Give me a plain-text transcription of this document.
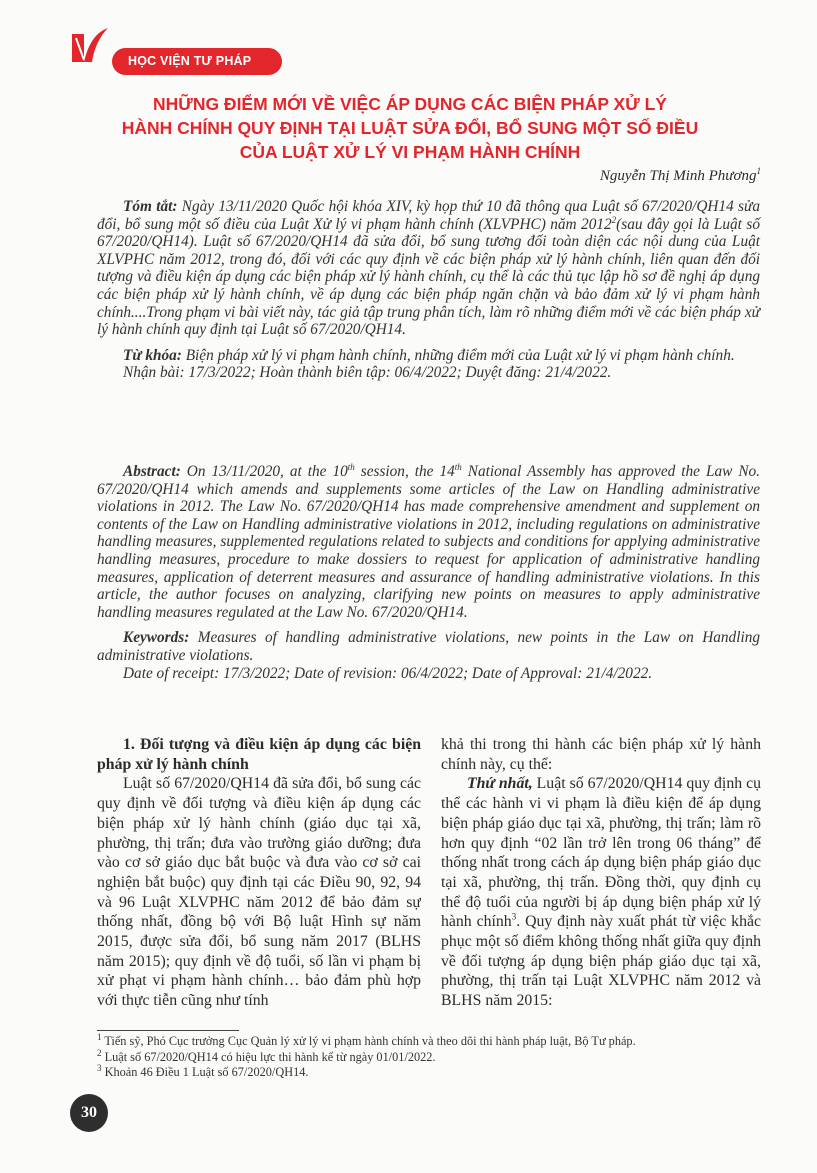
HỌC VIỆN TƯ PHÁP
NHỮNG ĐIỂM MỚI VỀ VIỆC ÁP DỤNG CÁC BIỆN PHÁP XỬ LÝ
HÀNH CHÍNH QUY ĐỊNH TẠI LUẬT SỬA ĐỔI, BỔ SUNG MỘT SỐ ĐIỀU
CỦA LUẬT XỬ LÝ VI PHẠM HÀNH CHÍNH
Nguyễn Thị Minh Phương$^1$

Tóm tắt: Ngày 13/11/2020 Quốc hội khóa XIV, kỳ họp thứ 10 đã thông qua Luật số 67/2020/QH14 sửa đổi, bổ sung một số điều của Luật Xử lý vi phạm hành chính (XLVPHC) năm 2012$^2$(sau đây gọi là Luật số 67/2020/QH14). Luật số 67/2020/QH14 đã sửa đổi, bổ sung tương đối toàn diện các nội dung của Luật XLVPHC năm 2012, trong đó, đối với các quy định về các biện pháp xử lý hành chính, liên quan đến đối tượng và điều kiện áp dụng các biện pháp xử lý hành chính, cụ thể là các thủ tục lập hồ sơ đề nghị áp dụng các biện pháp xử lý hành chính, về áp dụng các biện pháp ngăn chặn và bảo đảm xử lý vi phạm hành chính....Trong phạm vi bài viết này, tác giả tập trung phân tích, làm rõ những điểm mới về các biện pháp xử lý hành chính quy định tại Luật số 67/2020/QH14.

Từ khóa: Biện pháp xử lý vi phạm hành chính, những điểm mới của Luật xử lý vi phạm hành chính.

Nhận bài: 17/3/2022; Hoàn thành biên tập: 06/4/2022; Duyệt đăng: 21/4/2022.

Abstract: On 13/11/2020, at the 10th session, the 14th National Assembly has approved the Law No. 67/2020/QH14 which amends and supplements some articles of the Law on Handling administrative violations in 2012. The Law No. 67/2020/QH14 has made comprehensive amendment and supplement on contents of the Law on Handling administrative violations in 2012, including regulations on administrative handling measures, supplemented regulations related to subjects and conditions for applying administrative handling measures, procedure to make dossiers to request for application of administrative handling measures, application of deterrent measures and assurance of handling administrative violations. In this article, the author focuses on analyzing, clarifying new points on measures to apply administrative handling measures regulated at the Law No. 67/2020/QH14.

Keywords: Measures of handling administrative violations, new points in the Law on Handling administrative violations.

Date of receipt: 17/3/2022; Date of revision: 06/4/2022; Date of Approval: 21/4/2022.

1. Đối tượng và điều kiện áp dụng các biện pháp xử lý hành chính

Luật số 67/2020/QH14 đã sửa đổi, bổ sung các quy định về đối tượng và điều kiện áp dụng các biện pháp xử lý hành chính (giáo dục tại xã, phường, thị trấn; đưa vào trường giáo dưỡng; đưa vào cơ sở giáo dục bắt buộc và đưa vào cơ sở cai nghiện bắt buộc) quy định tại các Điều 90, 92, 94 và 96 Luật XLVPHC năm 2012 để bảo đảm sự thống nhất, đồng bộ với Bộ luật Hình sự năm 2015, được sửa đổi, bổ sung năm 2017 (BLHS năm 2015); quy định về độ tuổi, số lần vi phạm bị xử phạt vi phạm hành chính… bảo đảm phù hợp với thực tiễn cũng như tính

khả thi trong thi hành các biện pháp xử lý hành chính này, cụ thể:

Thứ nhất, Luật số 67/2020/QH14 quy định cụ thể các hành vi vi phạm là điều kiện để áp dụng biện pháp giáo dục tại xã, phường, thị trấn; làm rõ hơn quy định “02 lần trở lên trong 06 tháng” để thống nhất trong cách áp dụng biện pháp giáo dục tại xã, phường, thị trấn. Đồng thời, quy định cụ thể độ tuổi của người bị áp dụng biện pháp xử lý hành chính$^3$. Quy định này xuất phát từ việc khắc phục một số điểm không thống nhất giữa quy định về đối tượng áp dụng biện pháp giáo dục tại xã, phường, thị trấn tại Luật XLVPHC năm 2012 và BLHS năm 2015:

$^1$ Tiến sỹ, Phó Cục trưởng Cục Quản lý xử lý vi phạm hành chính và theo dõi thi hành pháp luật, Bộ Tư pháp.
$^2$ Luật số 67/2020/QH14 có hiệu lực thi hành kể từ ngày 01/01/2022.
$^3$ Khoản 46 Điều 1 Luật số 67/2020/QH14.
30
